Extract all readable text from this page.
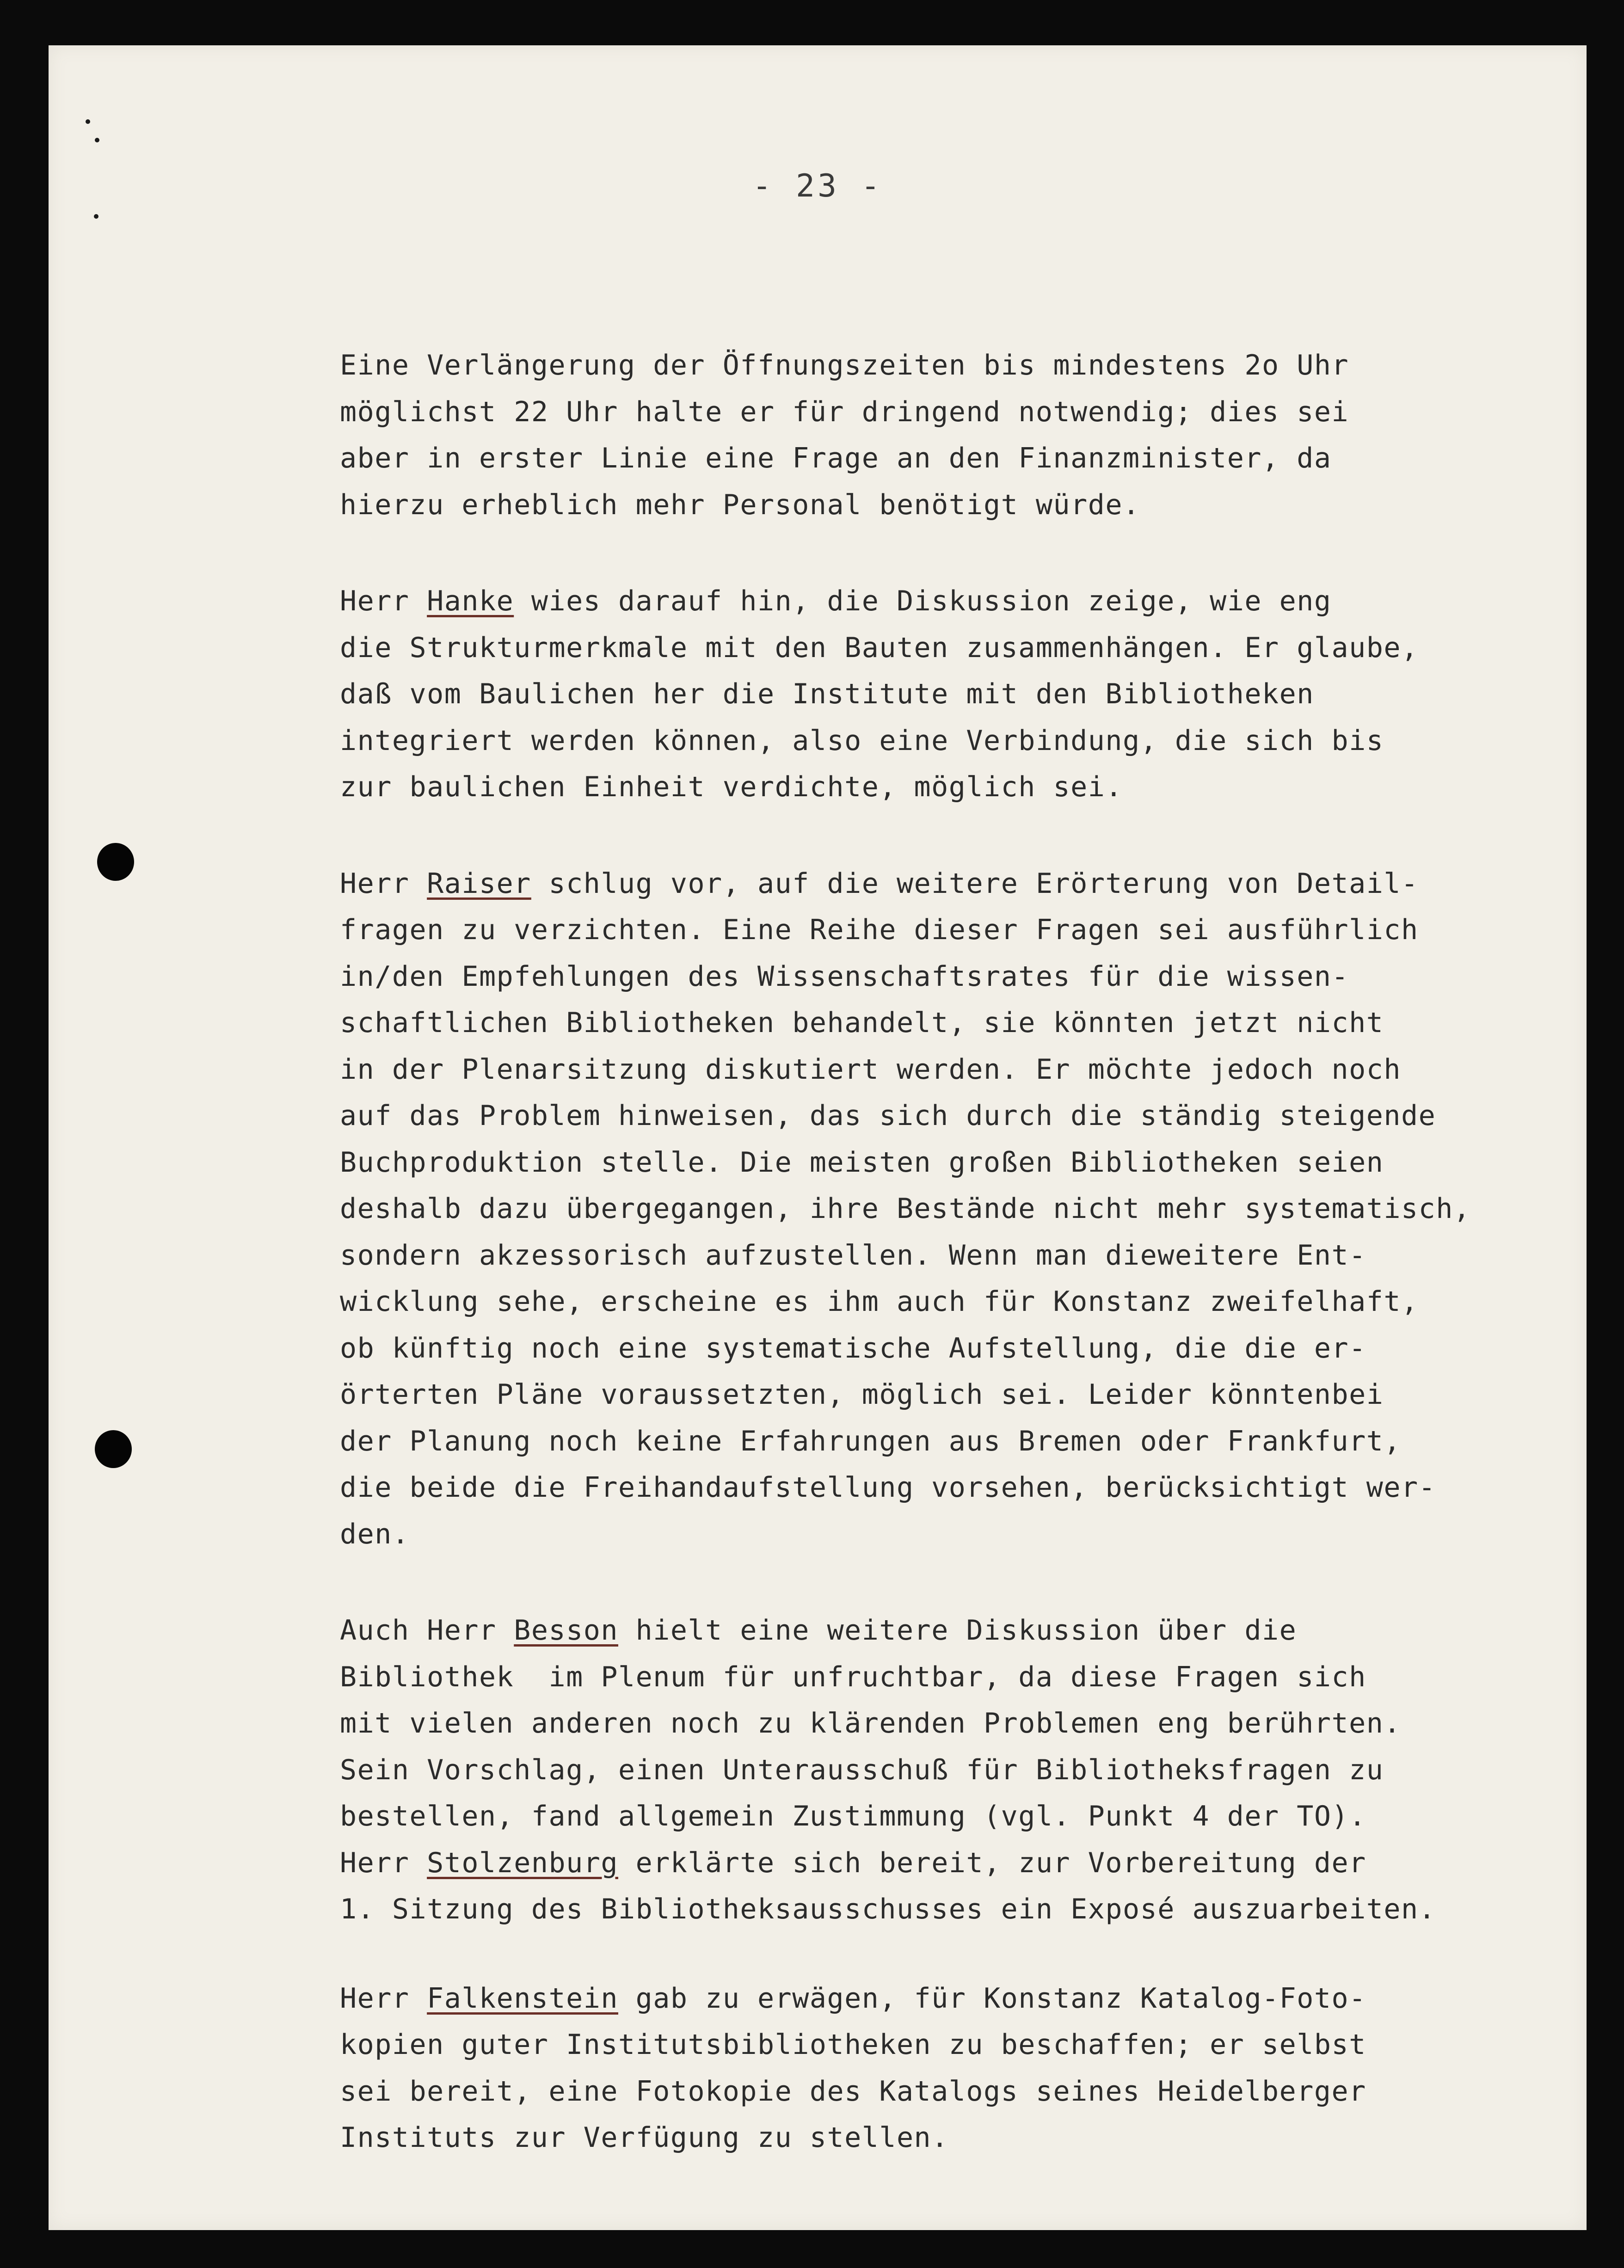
- 23 -
Eine Verlängerung der Öffnungszeiten bis mindestens 2o Uhr
möglichst 22 Uhr halte er für dringend notwendig; dies sei
aber in erster Linie eine Frage an den Finanzminister, da
hierzu erheblich mehr Personal benötigt würde.
Herr Hanke wies darauf hin, die Diskussion zeige, wie eng
die Strukturmerkmale mit den Bauten zusammenhängen. Er glaube,
daß vom Baulichen her die Institute mit den Bibliotheken
integriert werden können, also eine Verbindung, die sich bis
zur baulichen Einheit verdichte, möglich sei.
Herr Raiser schlug vor, auf die weitere Erörterung von Detail-
fragen zu verzichten. Eine Reihe dieser Fragen sei ausführlich
in/den Empfehlungen des Wissenschaftsrates für die wissen-
schaftlichen Bibliotheken behandelt, sie könnten jetzt nicht
in der Plenarsitzung diskutiert werden. Er möchte jedoch noch
auf das Problem hinweisen, das sich durch die ständig steigende
Buchproduktion stelle. Die meisten großen Bibliotheken seien
deshalb dazu übergegangen, ihre Bestände nicht mehr systematisch,
sondern akzessorisch aufzustellen. Wenn man dieweitere Ent-
wicklung sehe, erscheine es ihm auch für Konstanz zweifelhaft,
ob künftig noch eine systematische Aufstellung, die die er-
örterten Pläne voraussetzten, möglich sei. Leider könntenbei
der Planung noch keine Erfahrungen aus Bremen oder Frankfurt,
die beide die Freihandaufstellung vorsehen, berücksichtigt wer-
den.
Auch Herr Besson hielt eine weitere Diskussion über die
Bibliothek  im Plenum für unfruchtbar, da diese Fragen sich
mit vielen anderen noch zu klärenden Problemen eng berührten.
Sein Vorschlag, einen Unterausschuß für Bibliotheksfragen zu
bestellen, fand allgemein Zustimmung (vgl. Punkt 4 der TO).
Herr Stolzenburg erklärte sich bereit, zur Vorbereitung der
1. Sitzung des Bibliotheksausschusses ein Exposé auszuarbeiten.
Herr Falkenstein gab zu erwägen, für Konstanz Katalog-Foto-
kopien guter Institutsbibliotheken zu beschaffen; er selbst
sei bereit, eine Fotokopie des Katalogs seines Heidelberger
Instituts zur Verfügung zu stellen.
